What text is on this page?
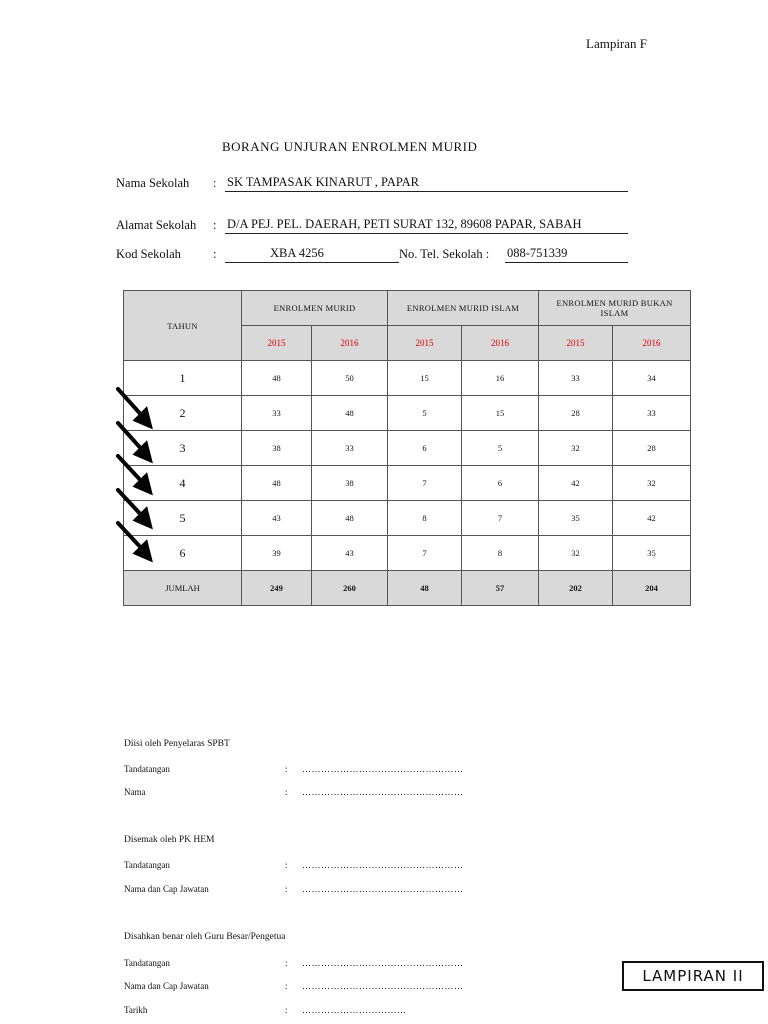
Lampiran F
BORANG UNJURAN ENROLMEN MURID
Nama Sekolah : SK TAMPASAK KINARUT , PAPAR
Alamat Sekolah : D/A PEJ. PEL. DAERAH, PETI SURAT 132, 89608 PAPAR, SABAH
Kod Sekolah	:	XBA 4256	No. Tel. Sekolah : 088-751339
TAHUN	ENROLMEN MURID		ENROLMEN MURID ISLAM		ENROLMEN MURID BUKAN ISLAM	
	2015	2016	2015	2016	2015	2016
1	48	50	15	16	33	34
2	33	48	5	15	28	33
3	38	33	6	5	32	28
4	48	38	7	6	42	32
5	43	48	8	7	35	42
6	39	43	7	8	32	35
JUMLAH	249	260	48	57	202	204
Diisi oleh Penyelaras SPBT
Tandatangan	: ……………………………………………
Nama	: ……………………………………………
Disemak oleh PK HEM
Tandatangan	: ……………………………………………
Nama dan Cap Jawatan	: ……………………………………………
Disahkan benar oleh Guru Besar/Pengetua
Tandatangan	: ……………………………………………
Nama dan Cap Jawatan	: ……………………………………………
Tarikh	: ……………………………
LAMPIRAN II
